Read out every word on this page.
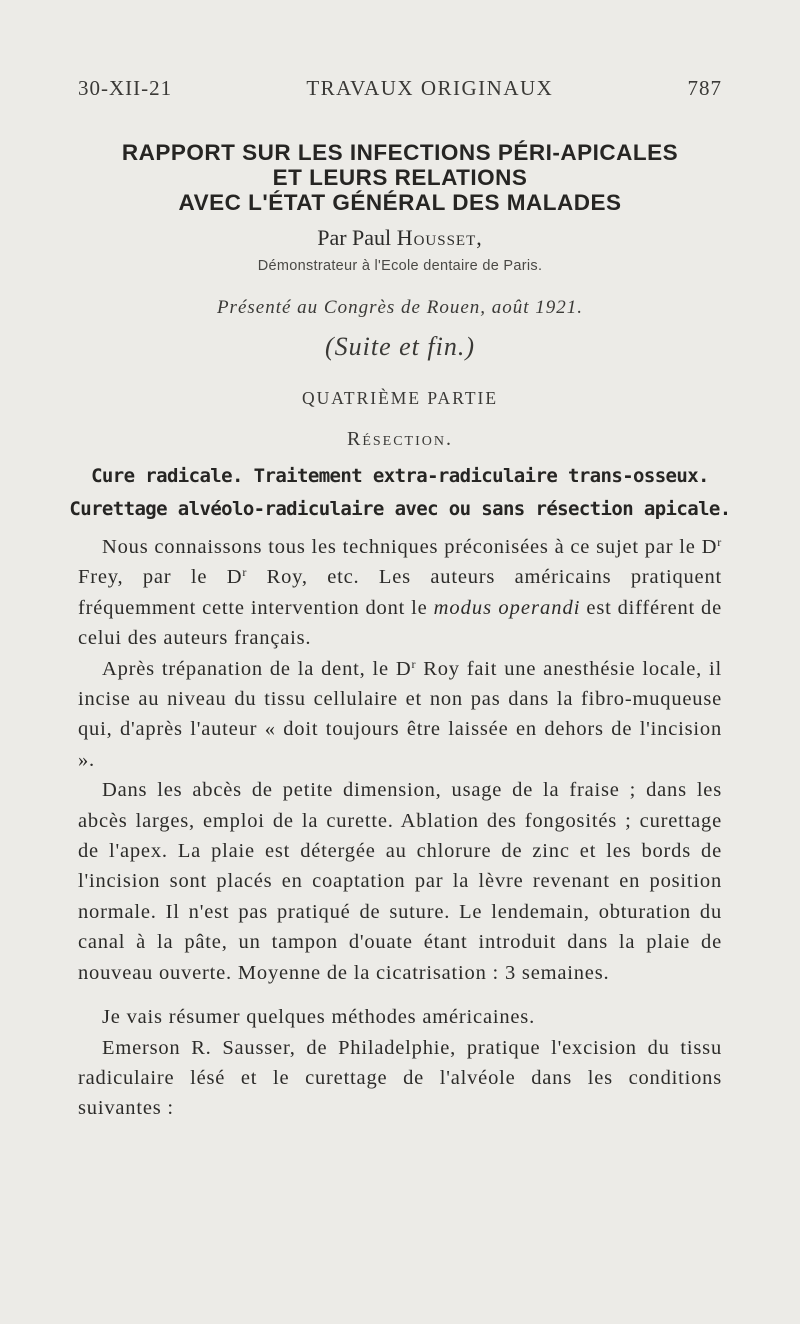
30-XII-21	TRAVAUX ORIGINAUX	787
RAPPORT SUR LES INFECTIONS PÉRI-APICALES
ET LEURS RELATIONS
AVEC L'ÉTAT GÉNÉRAL DES MALADES
Par Paul Housset,
Démonstrateur à l'Ecole dentaire de Paris.
Présenté au Congrès de Rouen, août 1921.
(Suite et fin.)
QUATRIÈME PARTIE
Résection.
Cure radicale. Traitement extra-radiculaire trans-osseux.
Curettage alvéolo-radiculaire avec ou sans résection apicale.

Nous connaissons tous les techniques préconisées à ce sujet par le $D^r$ Frey, par le $D^r$ Roy, etc. Les auteurs américains pratiquent fréquemment cette intervention dont le modus operandi est différent de celui des auteurs français.

Après trépanation de la dent, le $D^r$ Roy fait une anesthésie locale, il incise au niveau du tissu cellulaire et non pas dans la fibro-muqueuse qui, d'après l'auteur « doit toujours être laissée en dehors de l'incision ».

Dans les abcès de petite dimension, usage de la fraise ; dans les abcès larges, emploi de la curette. Ablation des fongosités ; curettage de l'apex. La plaie est détergée au chlorure de zinc et les bords de l'incision sont placés en coaptation par la lèvre revenant en position normale. Il n'est pas pratiqué de suture. Le lendemain, obturation du canal à la pâte, un tampon d'ouate étant introduit dans la plaie de nouveau ouverte. Moyenne de la cicatrisation : 3 semaines.

Je vais résumer quelques méthodes américaines.

Emerson R. Sausser, de Philadelphie, pratique l'excision du tissu radiculaire lésé et le curettage de l'alvéole dans les conditions suivantes :
